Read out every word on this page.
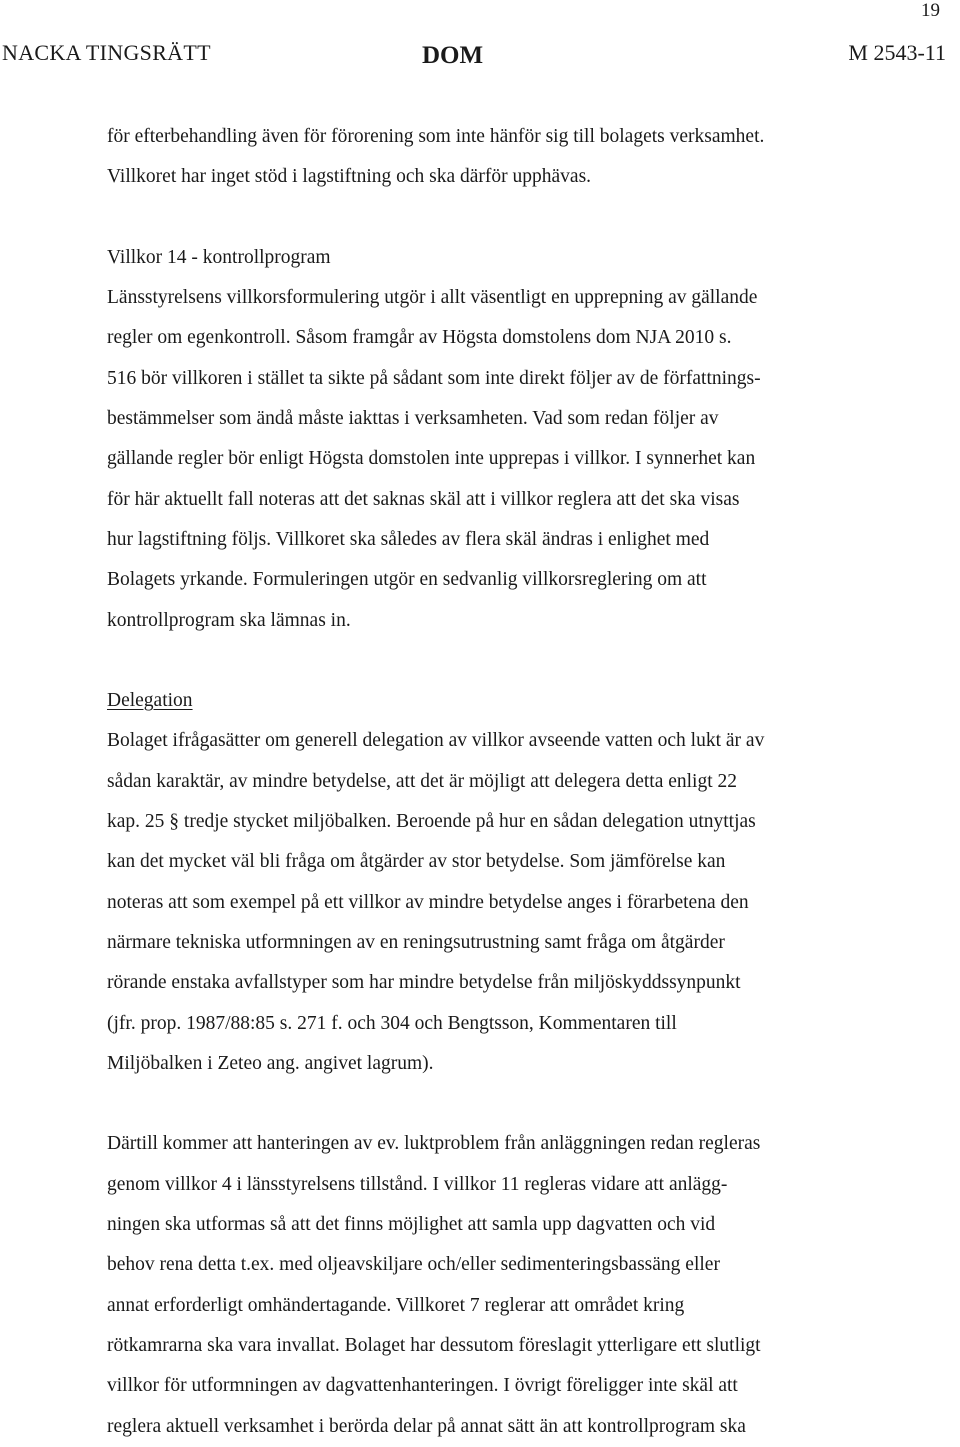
19
NACKA TINGSRÄTT	DOM	M 2543-11

för efterbehandling även för förorening som inte hänför sig till bolagets verksamhet.
Villkoret har inget stöd i lagstiftning och ska därför upphävas.

Villkor 14 - kontrollprogram

Länsstyrelsens villkorsformulering utgör i allt väsentligt en upprepning av gällande
regler om egenkontroll. Såsom framgår av Högsta domstolens dom NJA 2010 s.
516 bör villkoren i stället ta sikte på sådant som inte direkt följer av de författnings-
bestämmelser som ändå måste iakttas i verksamheten. Vad som redan följer av
gällande regler bör enligt Högsta domstolen inte upprepas i villkor. I synnerhet kan
för här aktuellt fall noteras att det saknas skäl att i villkor reglera att det ska visas
hur lagstiftning följs. Villkoret ska således av flera skäl ändras i enlighet med
Bolagets yrkande. Formuleringen utgör en sedvanlig villkorsreglering om att
kontrollprogram ska lämnas in.

Delegation

Bolaget ifrågasätter om generell delegation av villkor avseende vatten och lukt är av
sådan karaktär, av mindre betydelse, att det är möjligt att delegera detta enligt 22
kap. 25 § tredje stycket miljöbalken. Beroende på hur en sådan delegation utnyttjas
kan det mycket väl bli fråga om åtgärder av stor betydelse. Som jämförelse kan
noteras att som exempel på ett villkor av mindre betydelse anges i förarbetena den
närmare tekniska utformningen av en reningsutrustning samt fråga om åtgärder
rörande enstaka avfallstyper som har mindre betydelse från miljöskyddssynpunkt
(jfr. prop. 1987/88:85 s. 271 f. och 304 och Bengtsson, Kommentaren till
Miljöbalken i Zeteo ang. angivet lagrum).

Därtill kommer att hanteringen av ev. luktproblem från anläggningen redan regleras
genom villkor 4 i länsstyrelsens tillstånd. I villkor 11 regleras vidare att anlägg-
ningen ska utformas så att det finns möjlighet att samla upp dagvatten och vid
behov rena detta t.ex. med oljeavskiljare och/eller sedimenteringsbassäng eller
annat erforderligt omhändertagande. Villkoret 7 reglerar att området kring
rötkamrarna ska vara invallat. Bolaget har dessutom föreslagit ytterligare ett slutligt
villkor för utformningen av dagvattenhanteringen. I övrigt föreligger inte skäl att
reglera aktuell verksamhet i berörda delar på annat sätt än att kontrollprogram ska
